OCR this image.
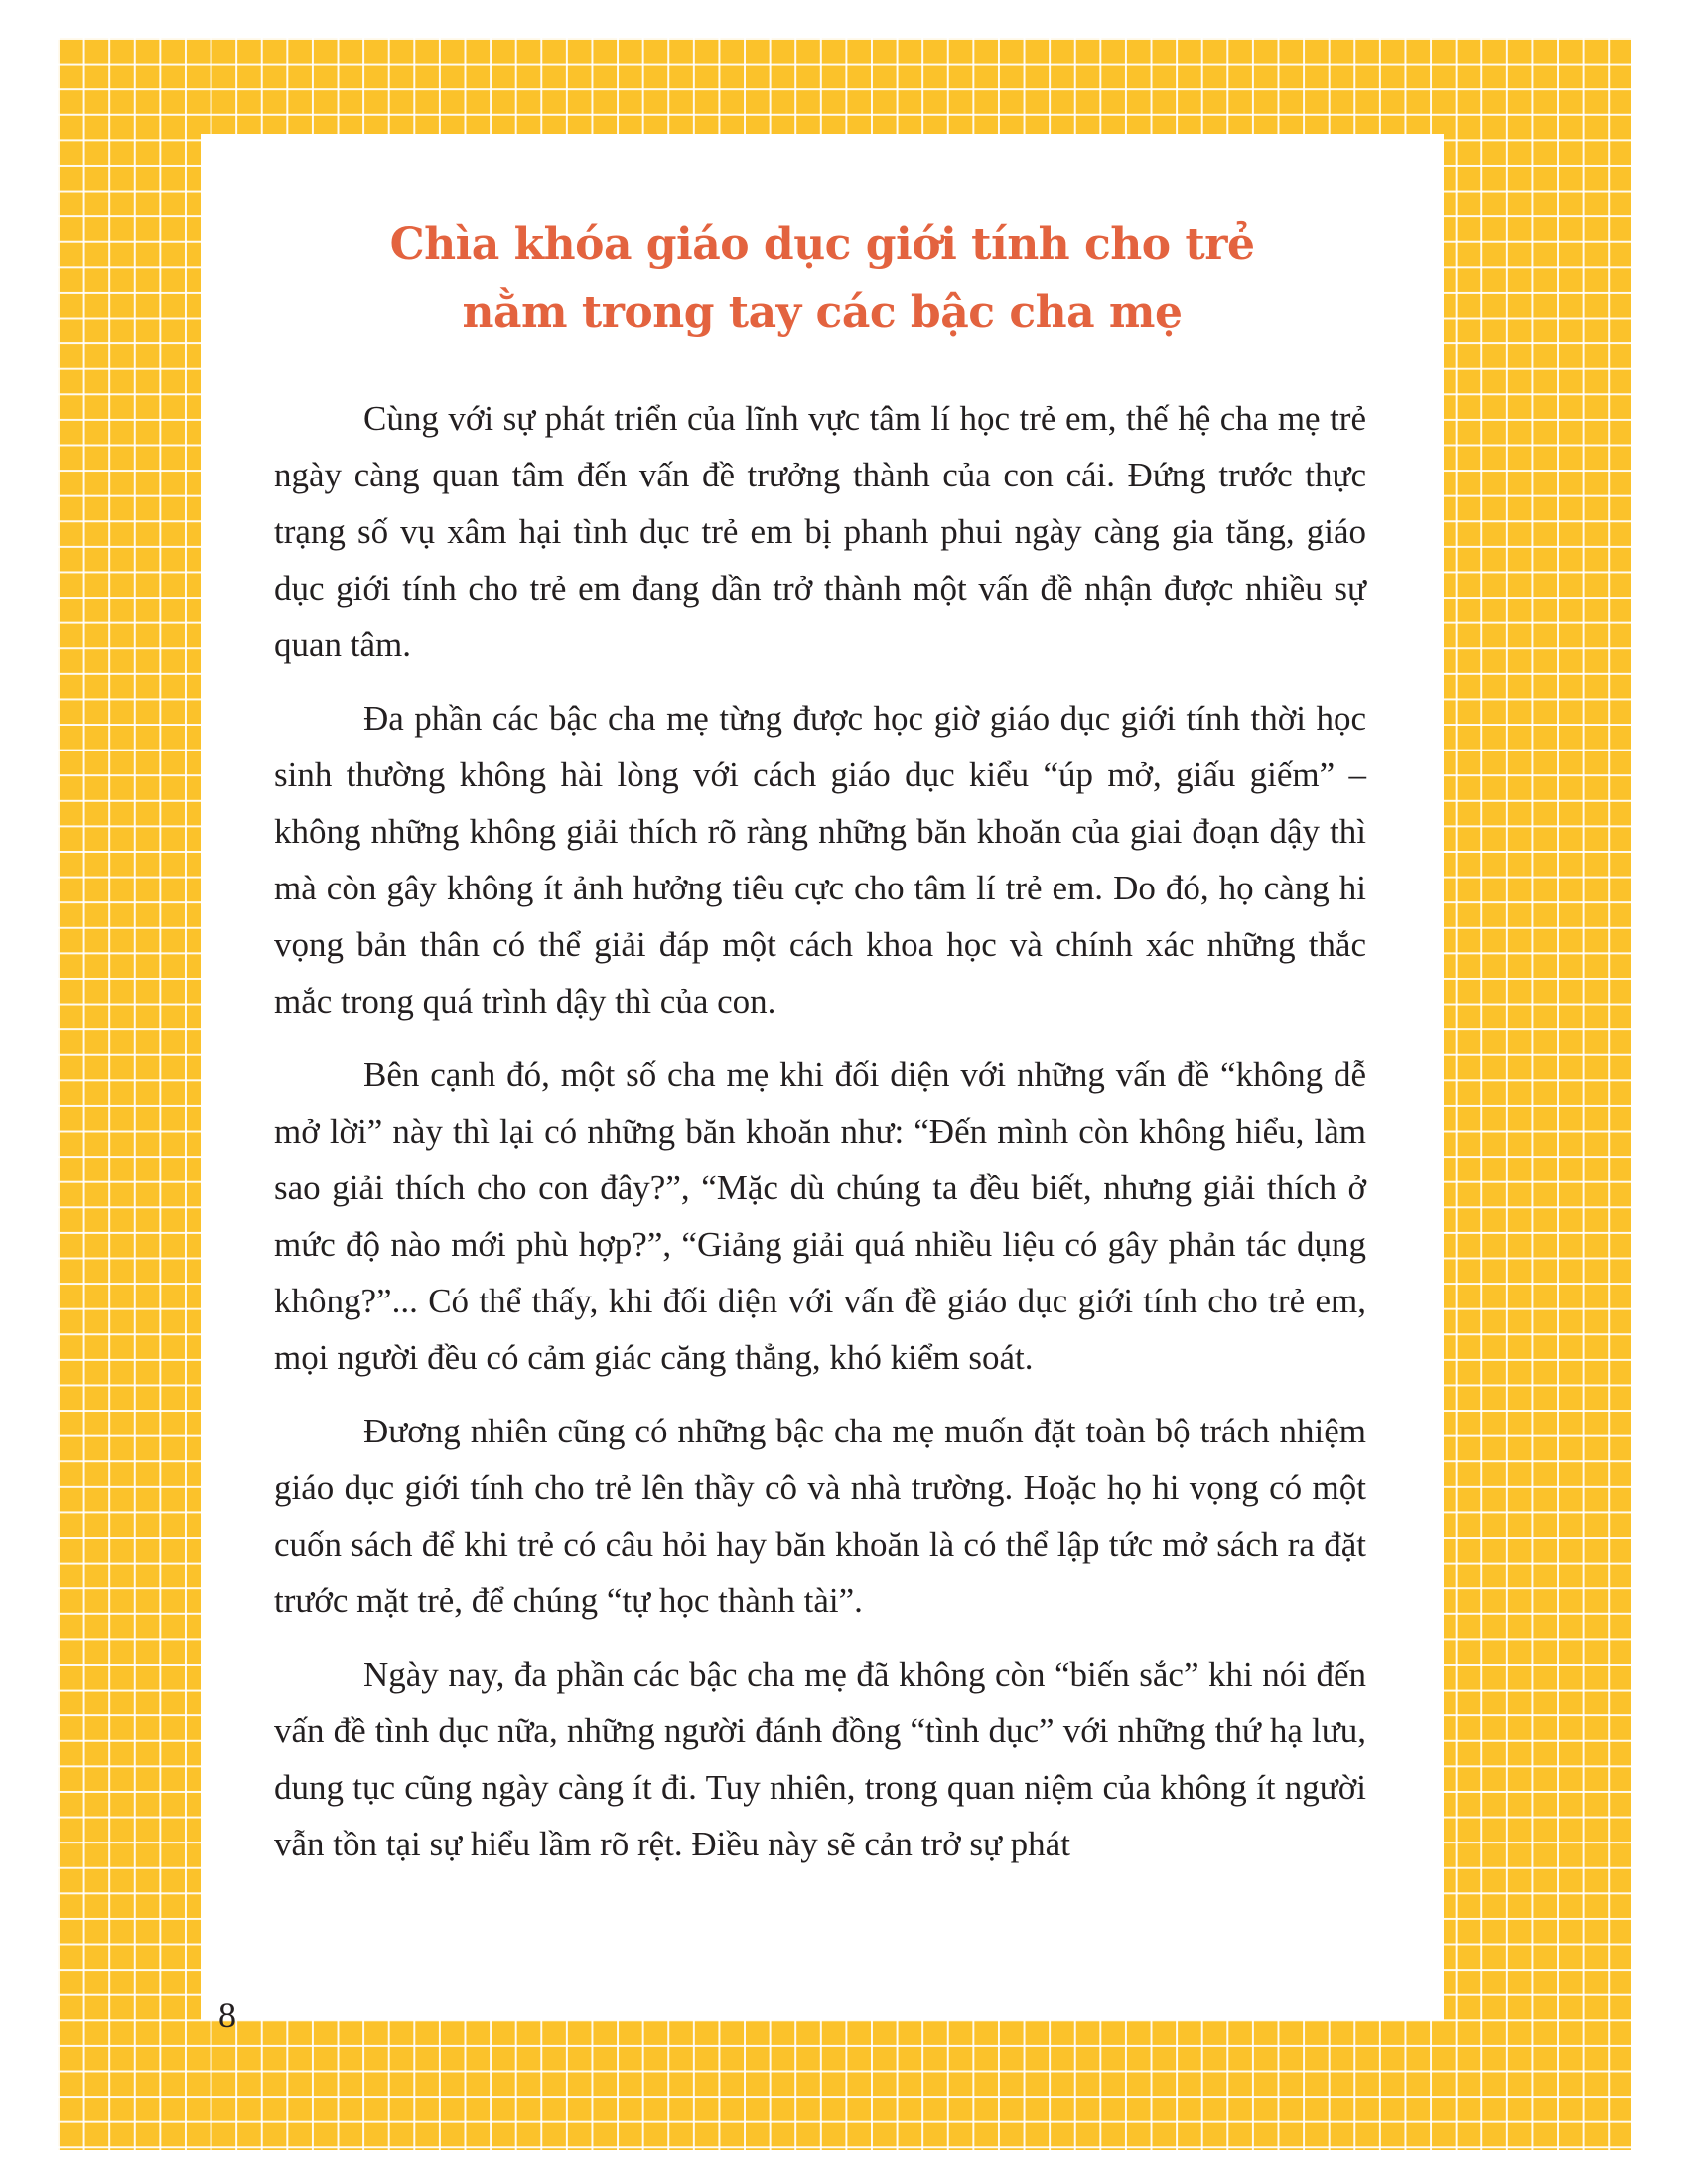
Chìa khóa giáo dục giới tính cho trẻ
nằm trong tay các bậc cha mẹ

Cùng với sự phát triển của lĩnh vực tâm lí học trẻ em, thế hệ cha mẹ trẻ ngày càng quan tâm đến vấn đề trưởng thành của con cái. Đứng trước thực trạng số vụ xâm hại tình dục trẻ em bị phanh phui ngày càng gia tăng, giáo dục giới tính cho trẻ em đang dần trở thành một vấn đề nhận được nhiều sự quan tâm.

Đa phần các bậc cha mẹ từng được học giờ giáo dục giới tính thời học sinh thường không hài lòng với cách giáo dục kiểu “úp mở, giấu giếm” – không những không giải thích rõ ràng những băn khoăn của giai đoạn dậy thì mà còn gây không ít ảnh hưởng tiêu cực cho tâm lí trẻ em. Do đó, họ càng hi vọng bản thân có thể giải đáp một cách khoa học và chính xác những thắc mắc trong quá trình dậy thì của con.

Bên cạnh đó, một số cha mẹ khi đối diện với những vấn đề “không dễ mở lời” này thì lại có những băn khoăn như: “Đến mình còn không hiểu, làm sao giải thích cho con đây?”, “Mặc dù chúng ta đều biết, nhưng giải thích ở mức độ nào mới phù hợp?”, “Giảng giải quá nhiều liệu có gây phản tác dụng không?”... Có thể thấy, khi đối diện với vấn đề giáo dục giới tính cho trẻ em, mọi người đều có cảm giác căng thẳng, khó kiểm soát.

Đương nhiên cũng có những bậc cha mẹ muốn đặt toàn bộ trách nhiệm giáo dục giới tính cho trẻ lên thầy cô và nhà trường. Hoặc họ hi vọng có một cuốn sách để khi trẻ có câu hỏi hay băn khoăn là có thể lập tức mở sách ra đặt trước mặt trẻ, để chúng “tự học thành tài”.

Ngày nay, đa phần các bậc cha mẹ đã không còn “biến sắc” khi nói đến vấn đề tình dục nữa, những người đánh đồng “tình dục” với những thứ hạ lưu, dung tục cũng ngày càng ít đi. Tuy nhiên, trong quan niệm của không ít người vẫn tồn tại sự hiểu lầm rõ rệt. Điều này sẽ cản trở sự phát

8
